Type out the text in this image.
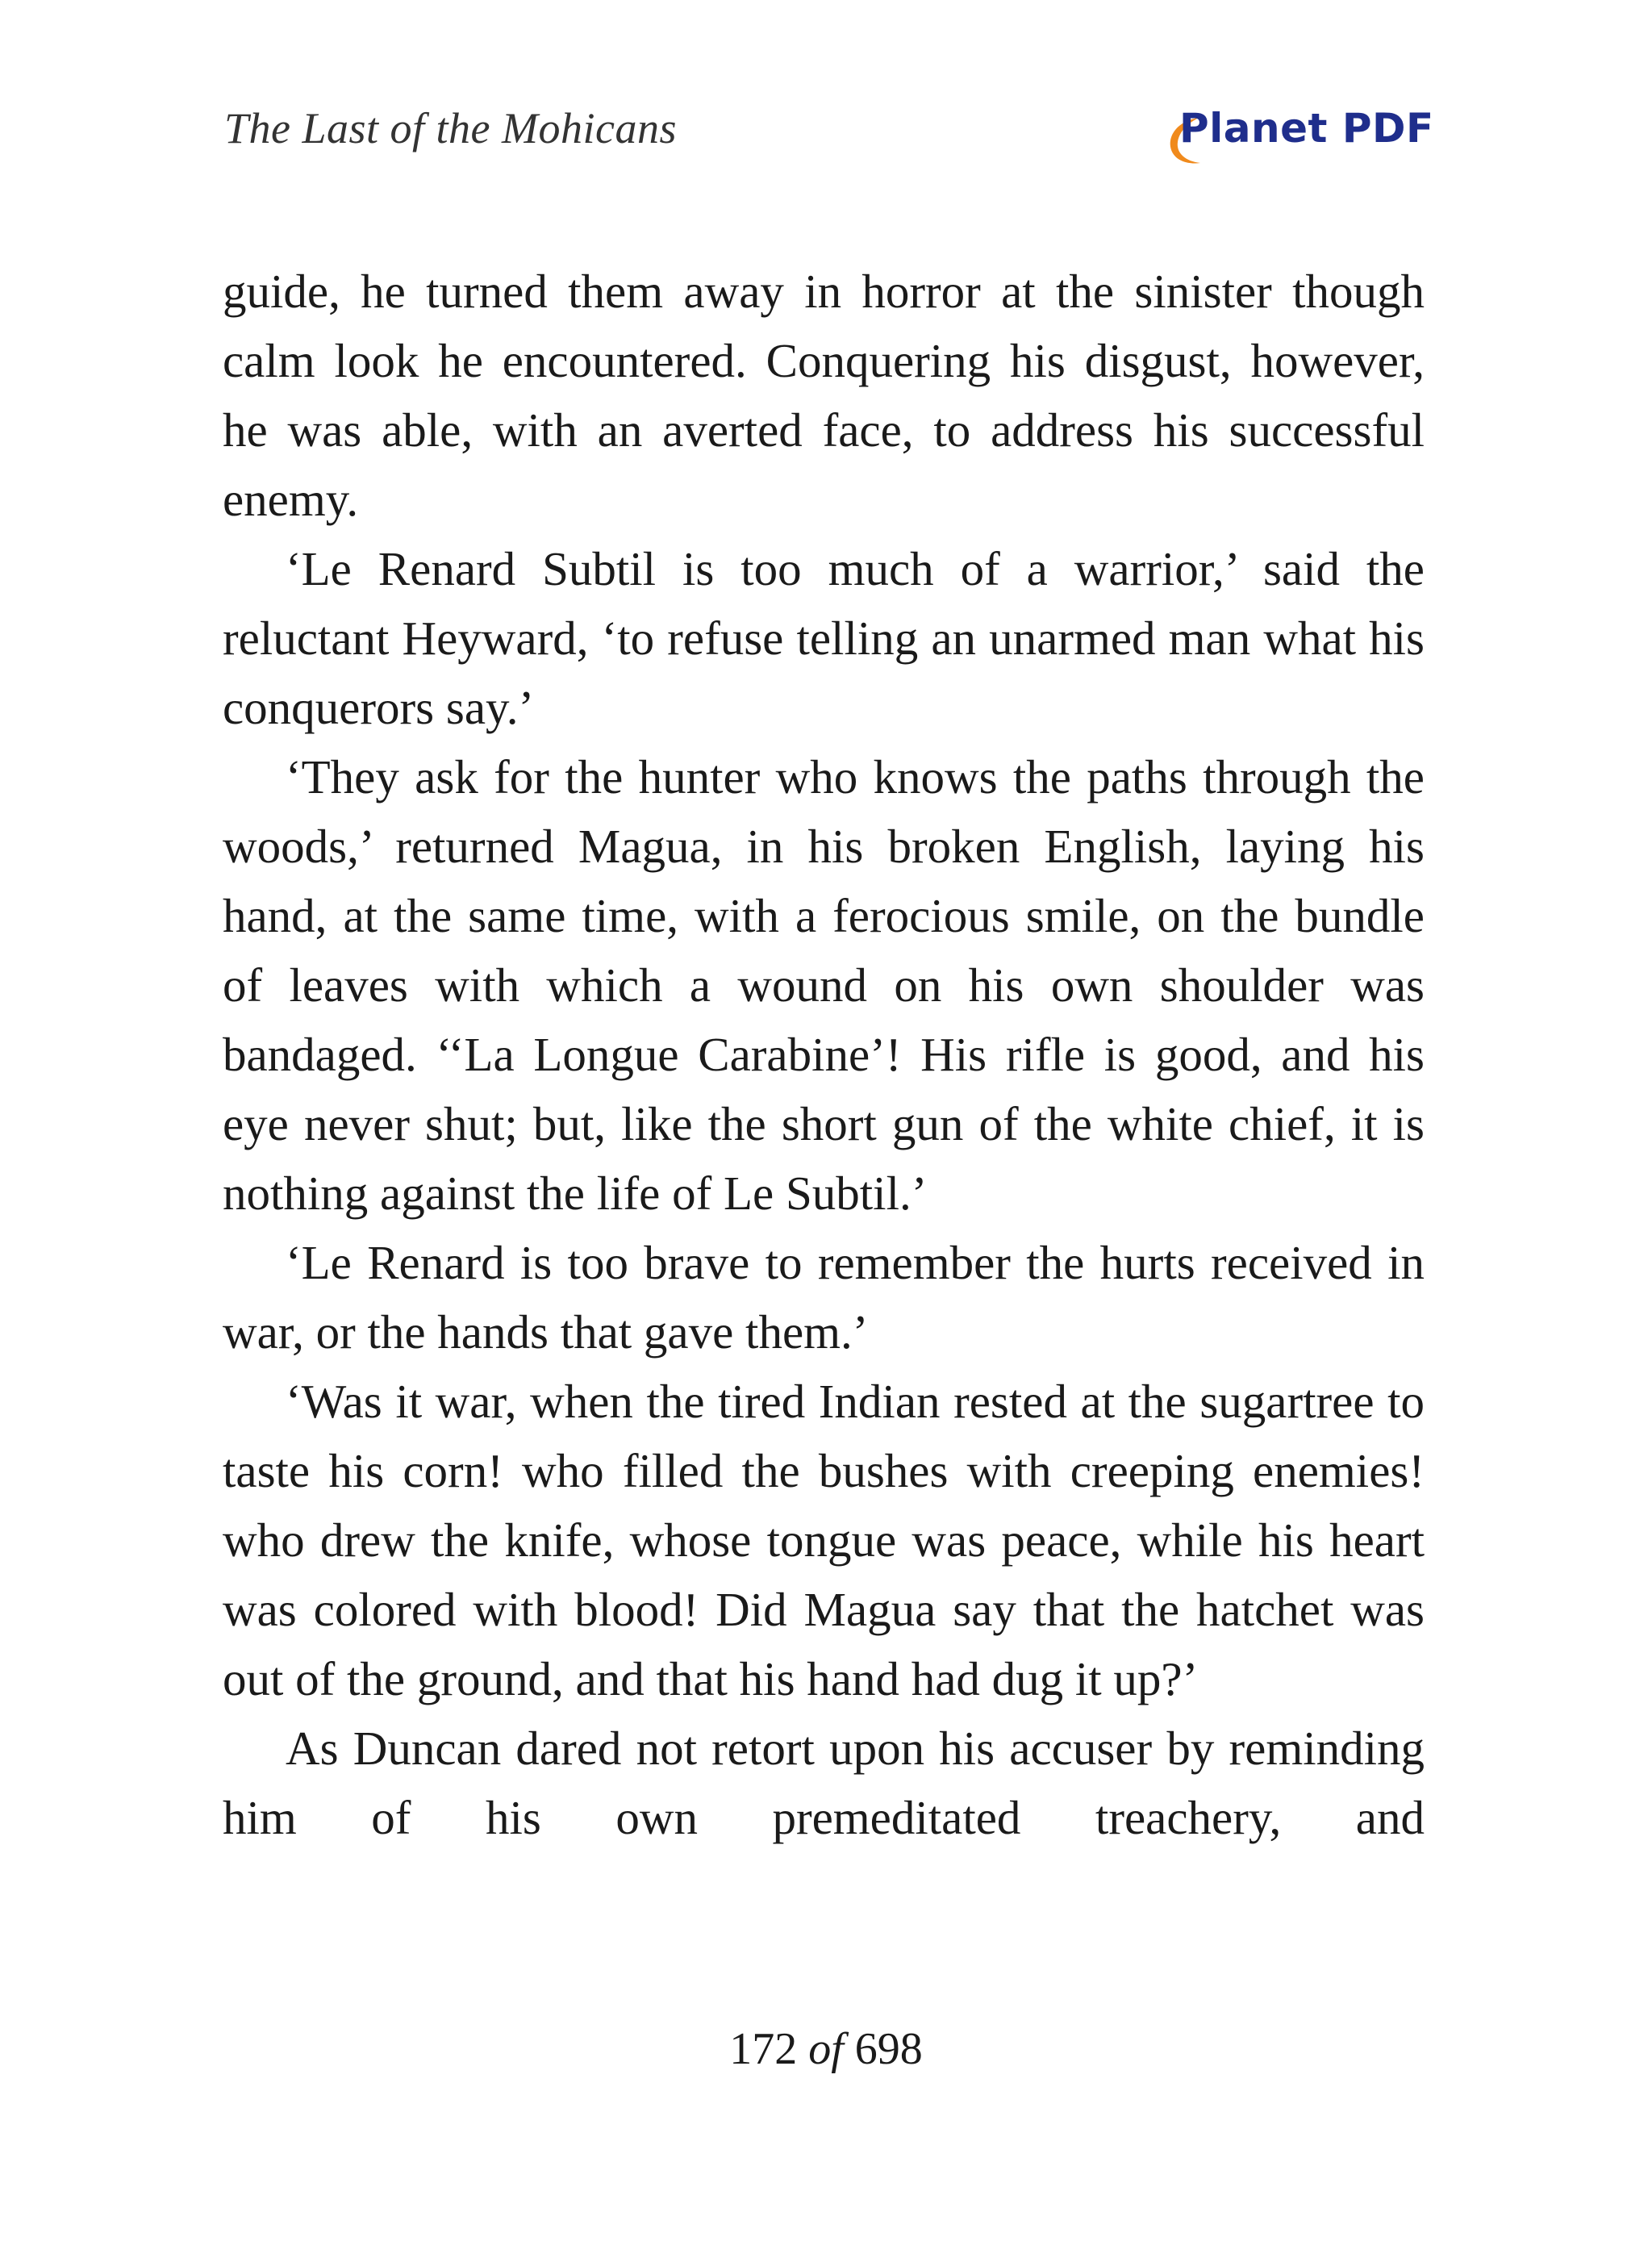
The Last of the Mohicans	Planet PDF

guide, he turned them away in horror at the sinister though calm look he encountered. Conquering his disgust, however, he was able, with an averted face, to address his successful enemy.

‘Le Renard Subtil is too much of a warrior,’ said the reluctant Heyward, ‘to refuse telling an unarmed man what his conquerors say.’

‘They ask for the hunter who knows the paths through the woods,’ returned Magua, in his broken English, laying his hand, at the same time, with a ferocious smile, on the bundle of leaves with which a wound on his own shoulder was bandaged. ‘‘La Longue Carabine’! His rifle is good, and his eye never shut; but, like the short gun of the white chief, it is nothing against the life of Le Subtil.’

‘Le Renard is too brave to remember the hurts received in war, or the hands that gave them.’

‘Was it war, when the tired Indian rested at the sugartree to taste his corn! who filled the bushes with creeping enemies! who drew the knife, whose tongue was peace, while his heart was colored with blood! Did Magua say that the hatchet was out of the ground, and that his hand had dug it up?’

As Duncan dared not retort upon his accuser by reminding him of his own premeditated treachery, and

172 of 698
